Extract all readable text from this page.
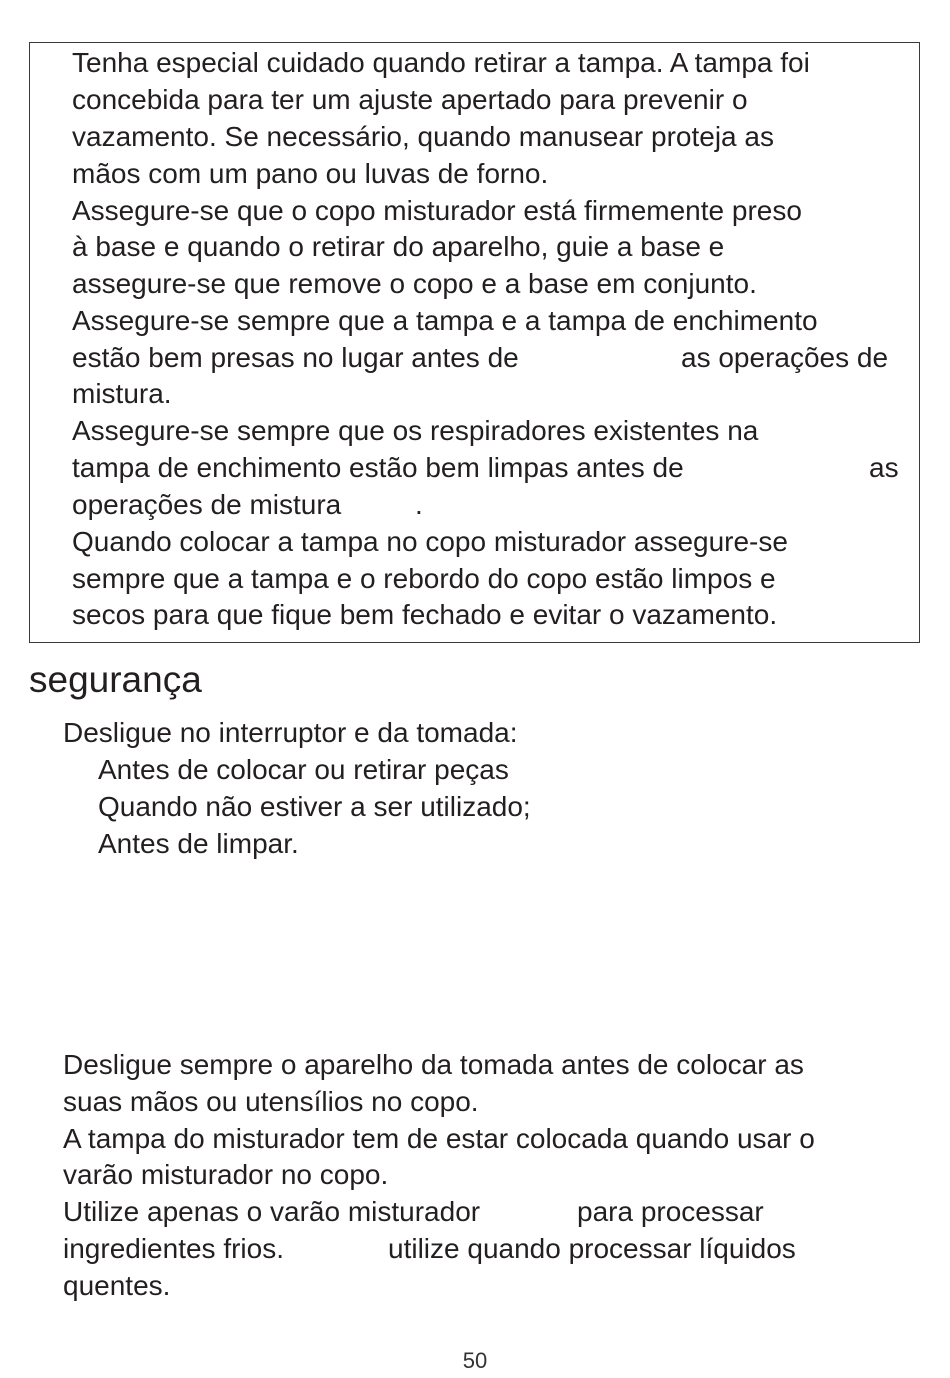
Tenha especial cuidado quando retirar a tampa. A tampa foi
concebida para ter um ajuste apertado para prevenir o
vazamento. Se necessário, quando manusear proteja as
mãos com um pano ou luvas de forno.
Assegure-se que o copo misturador está firmemente preso
à base e quando o retirar do aparelho, guie a base e
assegure-se que remove o copo e a base em conjunto.
Assegure-se sempre que a tampa e a tampa de enchimento
estão bem presas no lugar antes de	as operações de
mistura.
Assegure-se sempre que os respiradores existentes na
tampa de enchimento estão bem limpas antes de	as
operações de mistura	.
Quando colocar a tampa no copo misturador assegure-se
sempre que a tampa e o rebordo do copo estão limpos e
secos para que fique bem fechado e evitar o vazamento.
segurança
Desligue no interruptor e da tomada:
Antes de colocar ou retirar peças
Quando não estiver a ser utilizado;
Antes de limpar.
Desligue sempre o aparelho da tomada antes de colocar as
suas mãos ou utensílios no copo.
A tampa do misturador tem de estar colocada quando usar o
varão misturador no copo.
Utilize apenas o varão misturador	para processar
ingredientes frios.	utilize quando processar líquidos
quentes.
50
